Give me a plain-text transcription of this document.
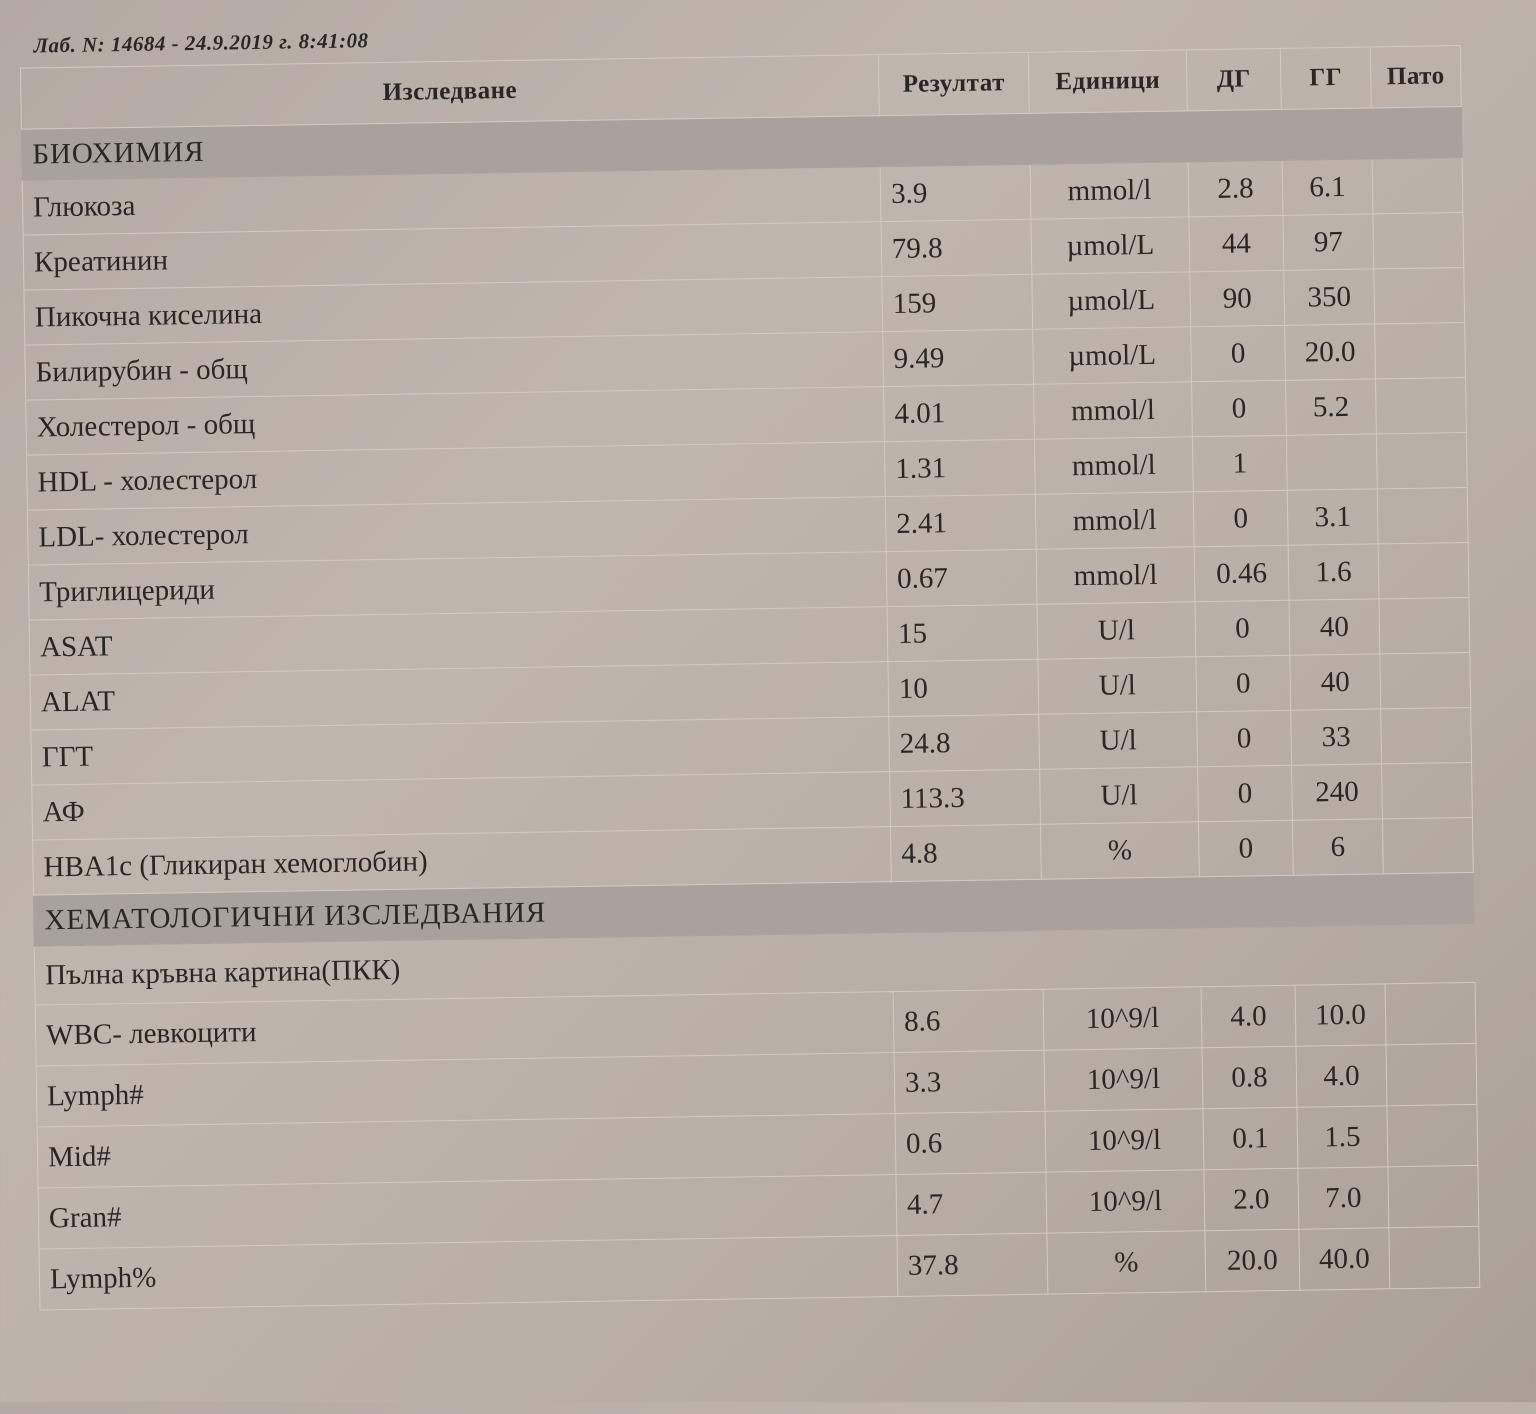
Лаб. N: 14684 - 24.9.2019 г. 8:41:08
Изследване	Резултат	Единици	ДГ	ГГ	Пато
БИОХИМИЯ					
Глюкоза	3.9	mmol/l	2.8	6.1	
Креатинин	79.8	µmol/L	44	97	
Пикочна киселина	159	µmol/L	90	350	
Билирубин - общ	9.49	µmol/L	0	20.0	
Холестерол - общ	4.01	mmol/l	0	5.2	
HDL - холестерол	1.31	mmol/l	1		
LDL- холестерол	2.41	mmol/l	0	3.1	
Триглицериди	0.67	mmol/l	0.46	1.6	
ASAT	15	U/l	0	40	
ALAT	10	U/l	0	40	
ГГТ	24.8	U/l	0	33	
АФ	113.3	U/l	0	240	
HBA1c (Гликиран хемоглобин)	4.8	%	0	6	
ХЕМАТОЛОГИЧНИ ИЗСЛЕДВАНИЯ					
Пълна кръвна картина(ПКК)					
WBC- левкоцити	8.6	10^9/l	4.0	10.0	
Lymph#	3.3	10^9/l	0.8	4.0	
Mid#	0.6	10^9/l	0.1	1.5	
Gran#	4.7	10^9/l	2.0	7.0	
Lymph%	37.8	%	20.0	40.0	
